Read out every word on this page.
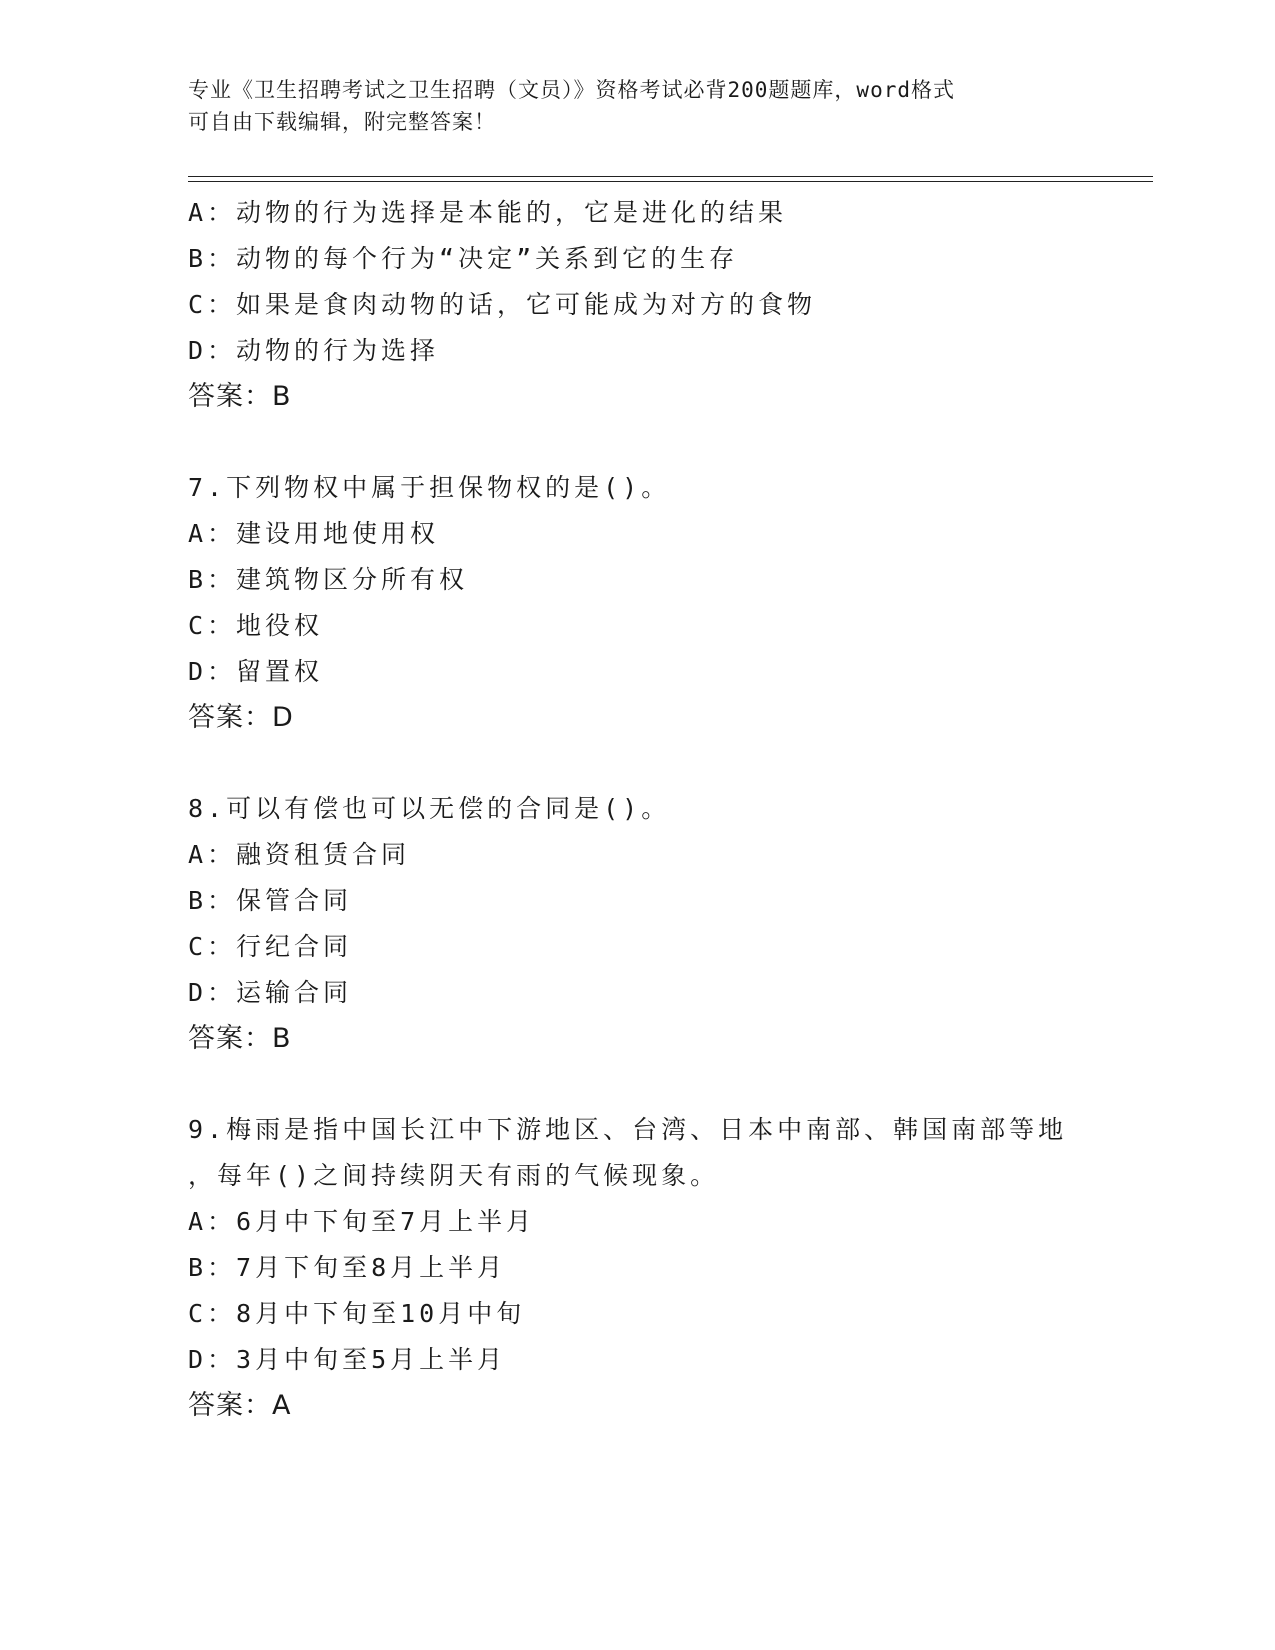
专业《卫生招聘考试之卫生招聘（文员）》资格考试必背200题题库，word格式
可自由下载编辑，附完整答案！
A：动物的行为选择是本能的，它是进化的结果
B：动物的每个行为“决定”关系到它的生存
C：如果是食肉动物的话，它可能成为对方的食物
D：动物的行为选择
答案：B
7.下列物权中属于担保物权的是()。
A：建设用地使用权
B：建筑物区分所有权
C：地役权
D：留置权
答案：D
8.可以有偿也可以无偿的合同是()。
A：融资租赁合同
B：保管合同
C：行纪合同
D：运输合同
答案：B
9.梅雨是指中国长江中下游地区、台湾、日本中南部、韩国南部等地
，每年()之间持续阴天有雨的气候现象。
A：6月中下旬至7月上半月
B：7月下旬至8月上半月
C：8月中下旬至10月中旬
D：3月中旬至5月上半月
答案：A
